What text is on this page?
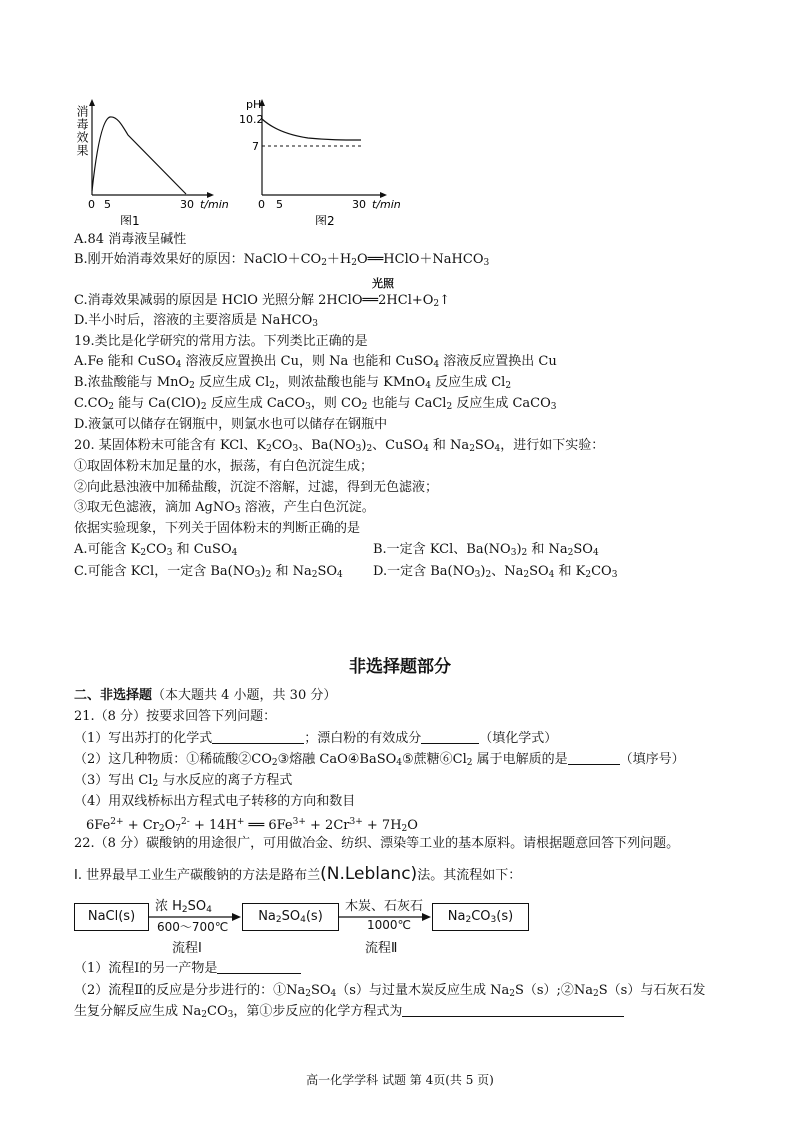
消毒效果
0 5	30 t/min
图1
pH
10.2
7
0 5	30 t/min
图2
A.84 消毒液呈碱性
B.刚开始消毒效果好的原因：$NaClO+CO_2+H_2O══HClO+NaHCO_3$
光照
C.消毒效果减弱的原因是 HClO 光照分解 $2HClO══2HCl+O_2↑$
D.半小时后，溶液的主要溶质是 NaHCO$_3$
19.类比是化学研究的常用方法。下列类比正确的是
A.Fe 能和 CuSO$_4$ 溶液反应置换出 Cu，则 Na 也能和 CuSO$_4$ 溶液反应置换出 Cu
B.浓盐酸能与 MnO$_2$ 反应生成 $Cl_2$，则浓盐酸也能与 KMnO$_4$ 反应生成 $Cl_2$
$C.CO_2$ 能与 $Ca(ClO)_2$ 反应生成 CaCO$_3$，则 $CO_2$ 也能与 CaCl$_2$ 反应生成 CaCO$_3$
D.液氯可以储存在钢瓶中，则氯水也可以储存在钢瓶中
20. 某固体粉末可能含有 KCl、$K_2CO_3$、$Ba(NO_3)_2$、CuSO$_4$ 和 $Na_2SO_4$，进行如下实验：
①取固体粉末加足量的水，振荡，有白色沉淀生成；
②向此悬浊液中加稀盐酸，沉淀不溶解，过滤，得到无色滤液；
③取无色滤液，滴加 AgNO$_3$ 溶液，产生白色沉淀。
依据实验现象，下列关于固体粉末的判断正确的是
A.可能含 $K_2CO_3$ 和 CuSO$_4$	B.一定含 KCl、$Ba(NO_3)_2$ 和 $Na_2SO_4$
C.可能含 KCl，一定含 $Ba(NO_3)_2$ 和 $Na_2SO_4$ D.一定含 $Ba(NO_3)_2$、$Na_2SO_4$ 和 $K_2CO_3$
非选择题部分
二、非选择题（本大题共 4 小题，共 30 分）
21.（8 分）按要求回答下列问题：
（1）写出苏打的化学式	；漂白粉的有效成分	（填化学式）
（2）这几种物质：①稀硫酸$②CO_2③$熔融 CaO④BaSO$_4$⑤蔗糖$⑥Cl_2$ 属于电解质的是	（填序号）
（3）写出 $Cl_2$ 与水反应的离子方程式
（4）用双线桥标出方程式电子转移的方向和数目
$6Fe^{2+} + Cr_2O_7^{2-} + 14H^+$ ══ $6Fe^{3+} + 2Cr^{3+} + 7H_2O$
22.（8 分）碳酸钠的用途很广，可用做冶金、纺织、漂染等工业的基本原料。请根据题意回答下列问题。
Ⅰ. 世界最早工业生产碳酸钠的方法是路布兰(N.Leblanc)法。其流程如下：
NaCl(s)	$Na_2SO_4(s)$	$Na_2CO_3(s)$
浓 $H_2SO_4$
600～700℃
流程Ⅰ
木炭、石灰石
1000℃
流程Ⅱ
（1）流程Ⅰ的另一产物是
（2）流程Ⅱ的反应是分步进行的：$①Na_2SO_4(s)$与过量木炭反应生成 $Na_2S(s);②Na_2S(s)$与石灰石发
生复分解反应生成 $Na_2CO_3$，第①步反应的化学方程式为
高一化学学科 试题 第 4页(共 5 页)
